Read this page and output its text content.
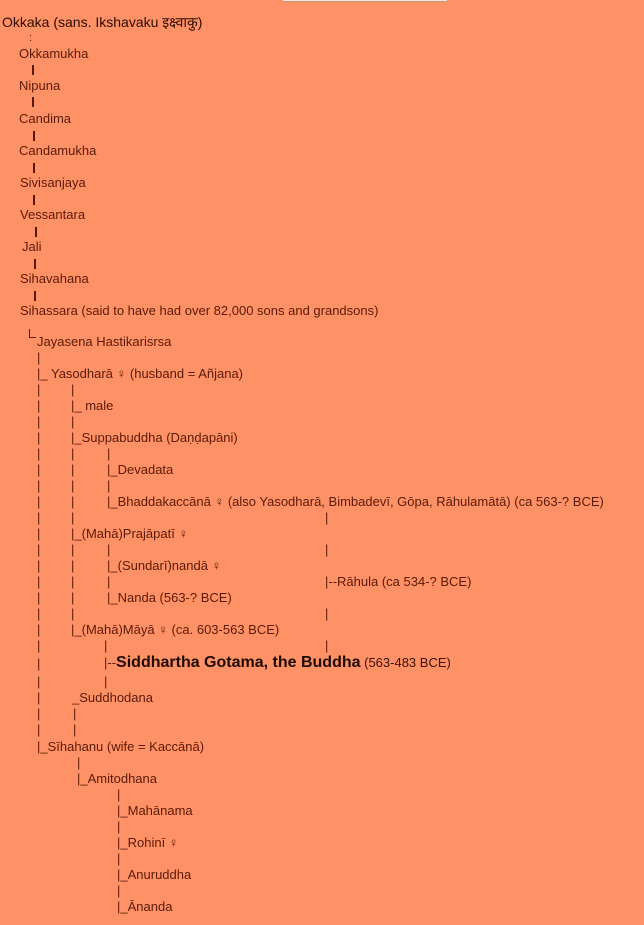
Okkaka (sans. Ikshavaku इक्ष्वाकु)
:
Okkamukha
Nipuna
Candima
Candamukha
Sivisanjaya
Vessantara
Jali
Sihavahana
Sihassara (said to have had over 82,000 sons and grandsons)
Jayasena Hastikarisrsa
|
|_ Yasodharā ♀ (husband = Añjana)
| |
| |_ male
| |
| |_Suppabuddha (Daṇḍapāni)
| |	|
| |	|_Devadata
| |	|
| |	|_Bhaddakaccānā ♀ (also Yasodharā, Bimbadevī, Gōpa, Rāhulamātā) (ca 563-? BCE)
| |	|
| |_(Mahā)Prajāpatī ♀
| |	|	|
| |	|_(Sundarī)nandā ♀
| |	|	|--Rāhula (ca 534-? BCE)
| |	|_Nanda (563-? BCE)
| |	|
| |_(Mahā)Māyā ♀ (ca. 603-563 BCE)
|	|	|
|	|--Siddhartha Gotama, the Buddha (563-483 BCE)
|	|
| _Suddhodana
|	|
|	|
|_Sīhahanu (wife = Kaccānā)
|
|_Amitodhana
|
|_Mahānama
|
|_Rohinī ♀
|
|_Anuruddha
|
|_Ānanda
